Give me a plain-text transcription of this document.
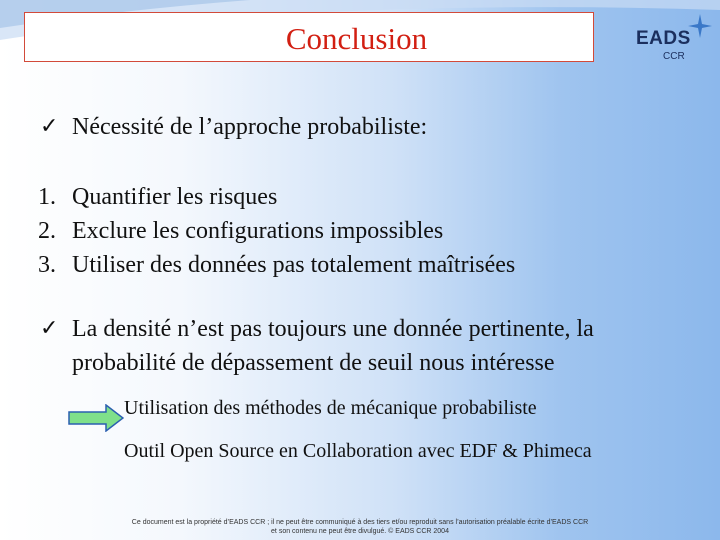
Conclusion	EADS
CCR
✓ Nécessité de l’approche probabiliste:
1. Quantifier les risques
2. Exclure les configurations impossibles
3. Utiliser des données pas totalement maîtrisées
✓ La densité n’est pas toujours une donnée pertinente, la
probabilité de dépassement de seuil nous intéresse
Utilisation des méthodes de mécanique probabiliste
Outil Open Source en Collaboration avec EDF & Phimeca
Ce document est la propriété d’EADS CCR ; il ne peut être communiqué à des tiers et/ou reproduit sans l’autorisation préalable écrite d’EADS CCR
et son contenu ne peut être divulgué. © EADS CCR 2004
